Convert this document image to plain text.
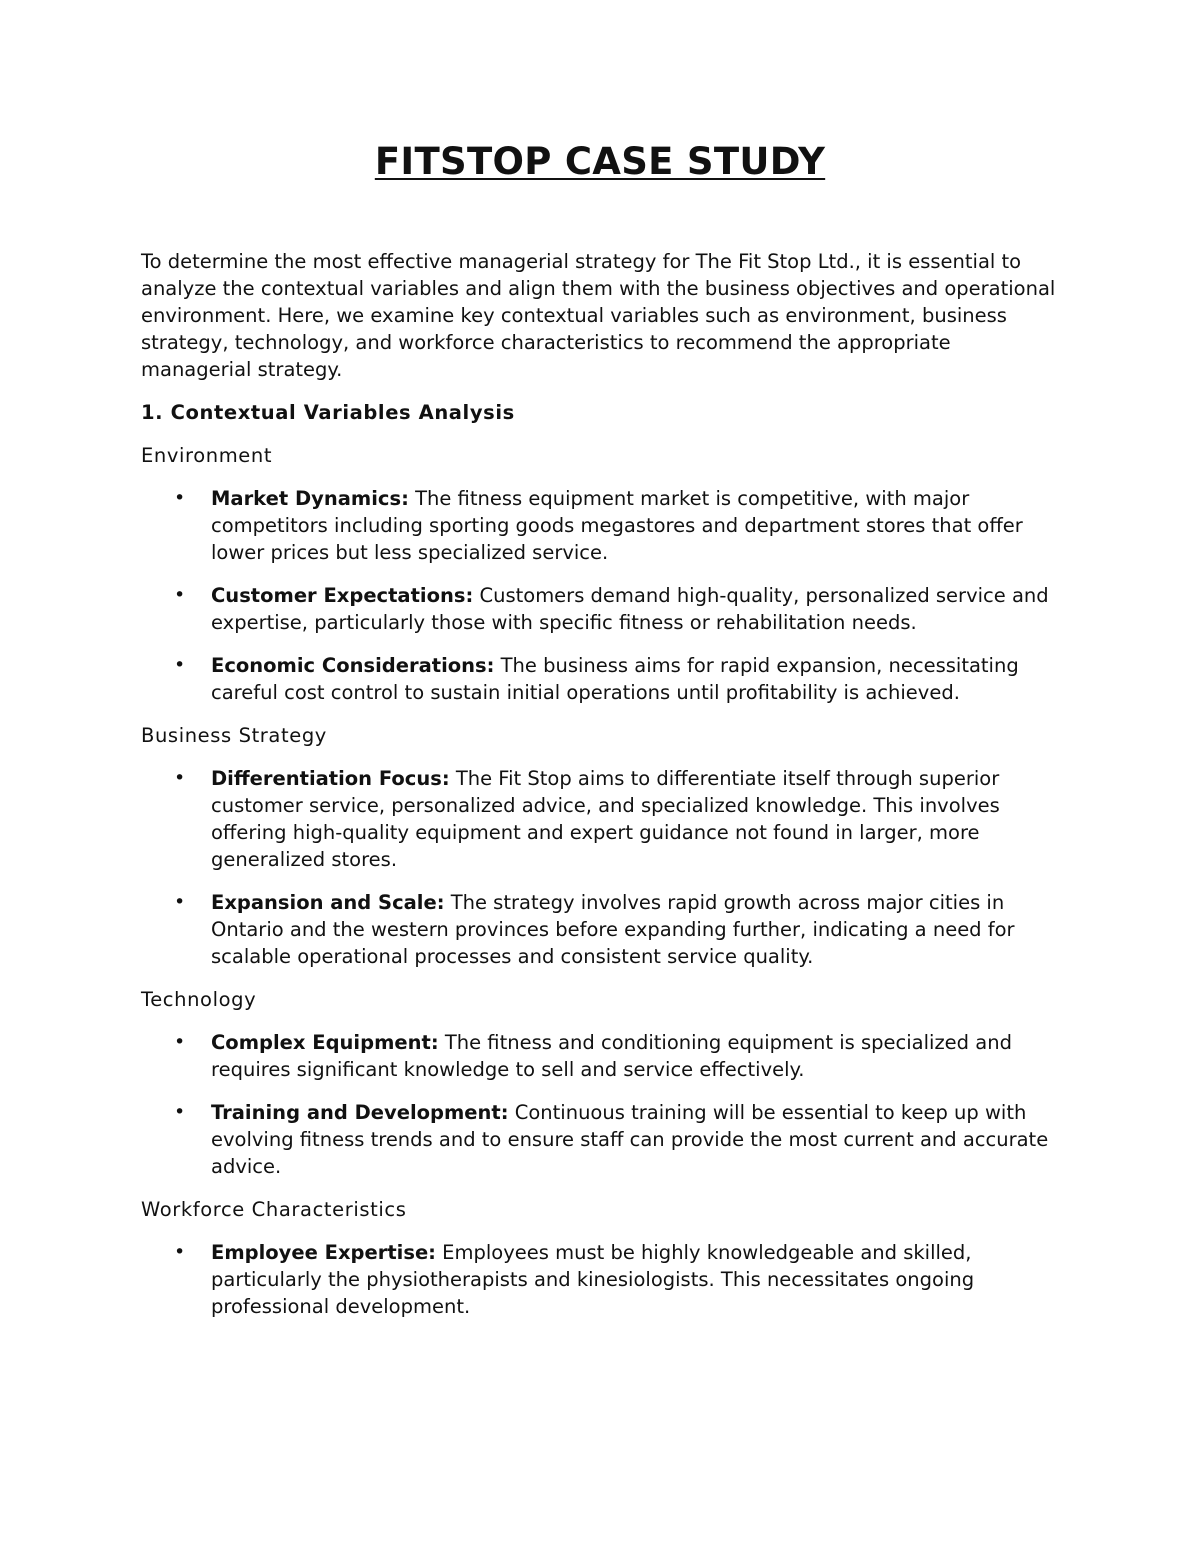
FITSTOP CASE STUDY

To determine the most effective managerial strategy for The Fit Stop Ltd., it is essential to analyze the contextual variables and align them with the business objectives and operational environment. Here, we examine key contextual variables such as environment, business strategy, technology, and workforce characteristics to recommend the appropriate managerial strategy.

1. Contextual Variables Analysis

Environment

• Market Dynamics: The fitness equipment market is competitive, with major competitors including sporting goods megastores and department stores that offer lower prices but less specialized service.
• Customer Expectations: Customers demand high-quality, personalized service and expertise, particularly those with specific fitness or rehabilitation needs.
• Economic Considerations: The business aims for rapid expansion, necessitating careful cost control to sustain initial operations until profitability is achieved.

Business Strategy

• Differentiation Focus: The Fit Stop aims to differentiate itself through superior customer service, personalized advice, and specialized knowledge. This involves offering high-quality equipment and expert guidance not found in larger, more generalized stores.
• Expansion and Scale: The strategy involves rapid growth across major cities in Ontario and the western provinces before expanding further, indicating a need for scalable operational processes and consistent service quality.

Technology

• Complex Equipment: The fitness and conditioning equipment is specialized and requires significant knowledge to sell and service effectively.
• Training and Development: Continuous training will be essential to keep up with evolving fitness trends and to ensure staff can provide the most current and accurate advice.

Workforce Characteristics

• Employee Expertise: Employees must be highly knowledgeable and skilled, particularly the physiotherapists and kinesiologists. This necessitates ongoing professional development.
